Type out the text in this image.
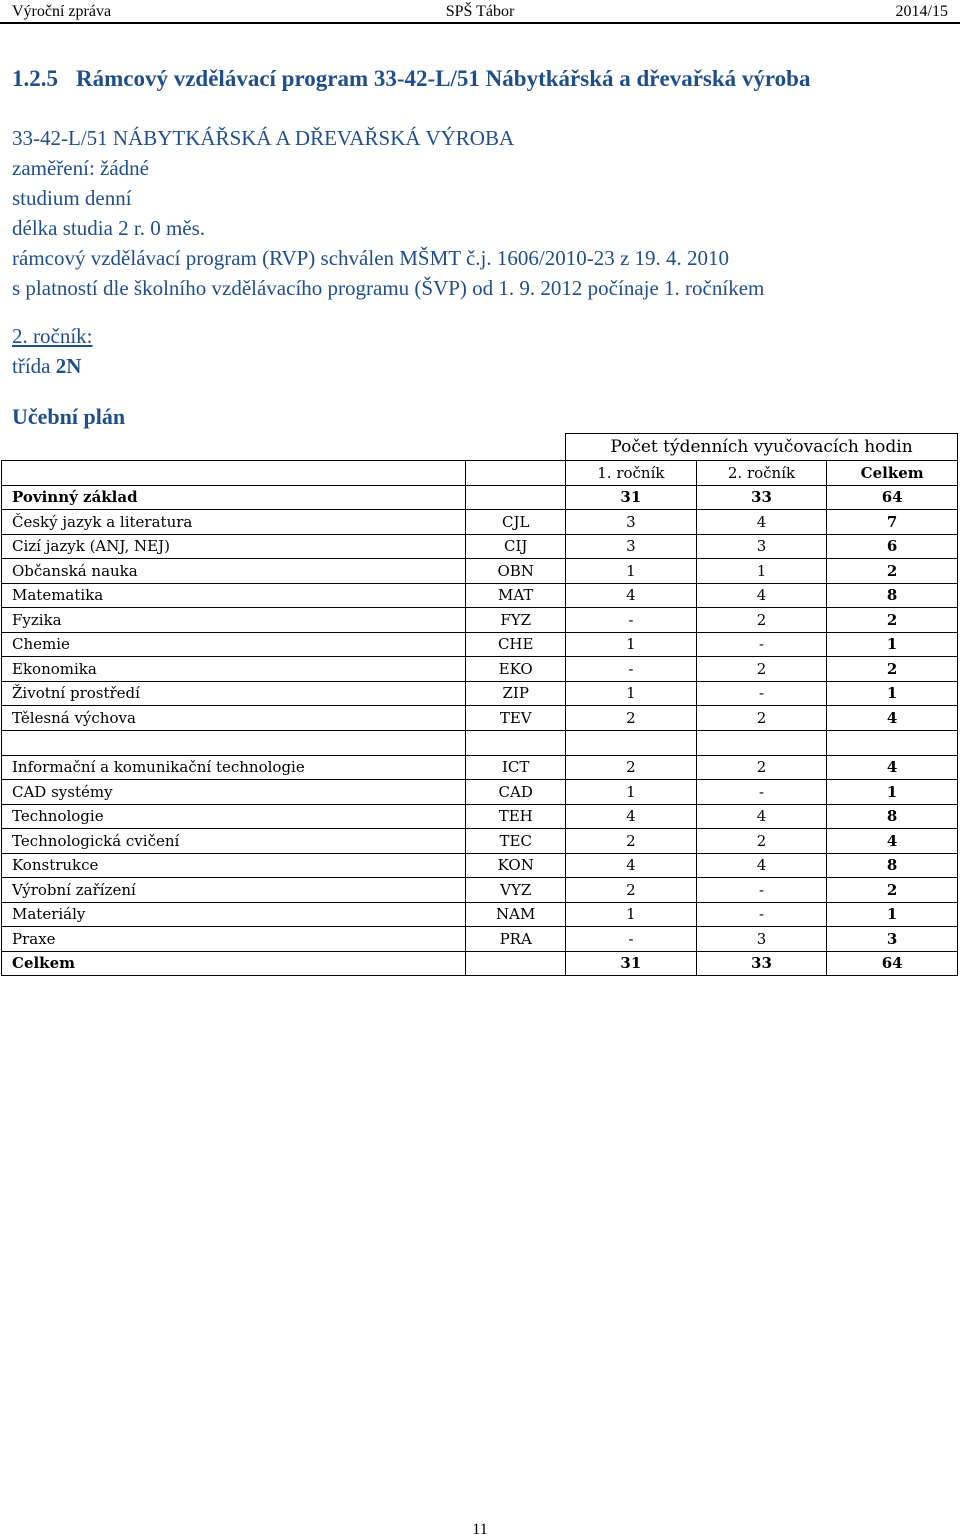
Výroční zpráva	SPŠ Tábor	2014/15
1.2.5 Rámcový vzdělávací program 33-42-L/51 Nábytkářská a dřevařská výroba
33-42-L/51 NÁBYTKÁŘSKÁ A DŘEVAŘSKÁ VÝROBA
zaměření: žádné
studium denní
délka studia 2 r. 0 měs.
rámcový vzdělávací program (RVP) schválen MŠMT č.j. 1606/2010-23 z 19. 4. 2010
s platností dle školního vzdělávacího programu (ŠVP) od 1. 9. 2012 počínaje 1. ročníkem
2. ročník:
třída 2N
Učební plán
		Počet týdenních vyučovacích hodin		
		1. ročník	2. ročník	Celkem
Povinný základ		31	33	64
Český jazyk a literatura	CJL	3	4	7
Cizí jazyk (ANJ, NEJ)	CIJ	3	3	6
Občanská nauka	OBN	1	1	2
Matematika	MAT	4	4	8
Fyzika	FYZ	-	2	2
Chemie	CHE	1	-	1
Ekonomika	EKO	-	2	2
Životní prostředí	ZIP	1	-	1
Tělesná výchova	TEV	2	2	4

Informační a komunikační technologie	ICT	2	2	4
CAD systémy	CAD	1	-	1
Technologie	TEH	4	4	8
Technologická cvičení	TEC	2	2	4
Konstrukce	KON	4	4	8
Výrobní zařízení	VYZ	2	-	2
Materiály	NAM	1	-	1
Praxe	PRA	-	3	3
Celkem		31	33	64
11
